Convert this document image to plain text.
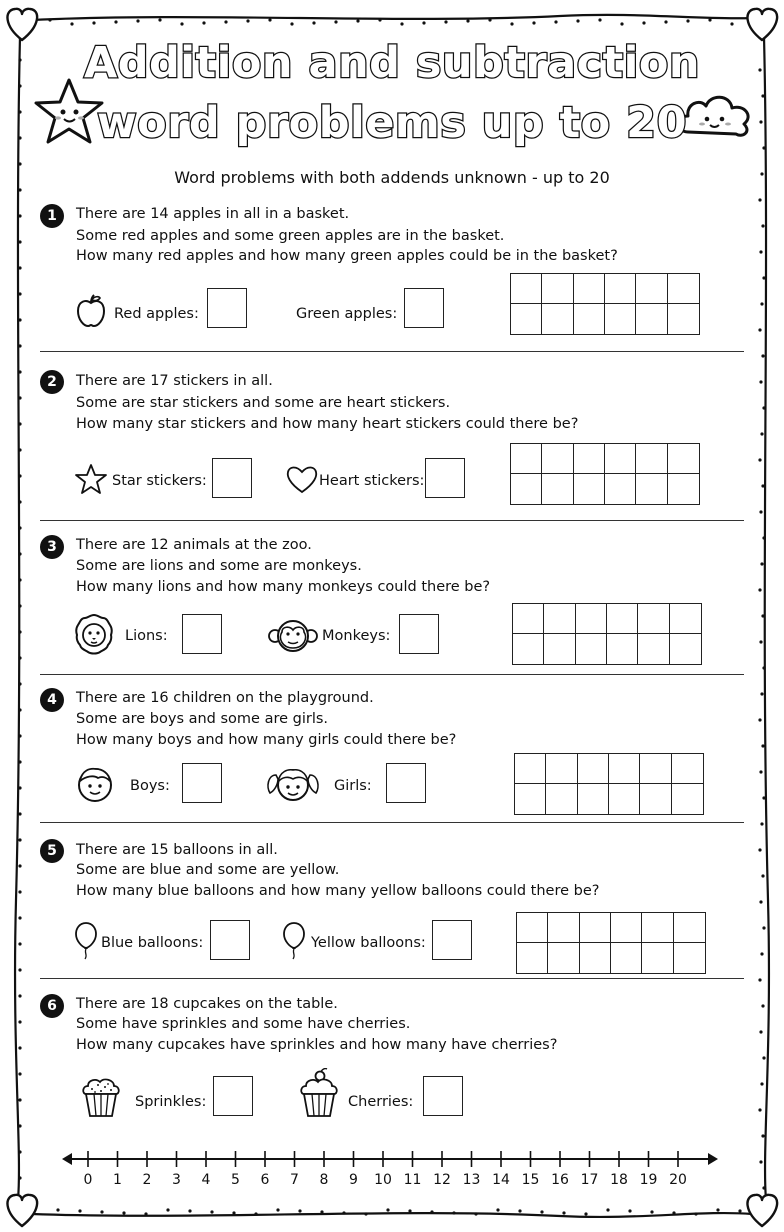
Addition and subtraction
word problems up to 20
Word problems with both addends unknown - up to 20
1	There are 14 apples in all in a basket.
Some red apples and some green apples are in the basket.
How many red apples and how many green apples could be in the basket?
Red apples:	Green apples:
2	There are 17 stickers in all.
Some are star stickers and some are heart stickers.
How many star stickers and how many heart stickers could there be?
Star stickers:	Heart stickers:
3	There are 12 animals at the zoo.
Some are lions and some are monkeys.
How many lions and how many monkeys could there be?
Lions:	Monkeys:
4	There are 16 children on the playground.
Some are boys and some are girls.
How many boys and how many girls could there be?
Boys:	Girls:
5	There are 15 balloons in all.
Some are blue and some are yellow.
How many blue balloons and how many yellow balloons could there be?
Blue balloons:	Yellow balloons:
6	There are 18 cupcakes on the table.
Some have sprinkles and some have cherries.
How many cupcakes have sprinkles and how many have cherries?
Sprinkles:	Cherries:
0	1	2	3	4	5	6	7	8	9	10 11 12 13 14 15 16 17 18 19 20
